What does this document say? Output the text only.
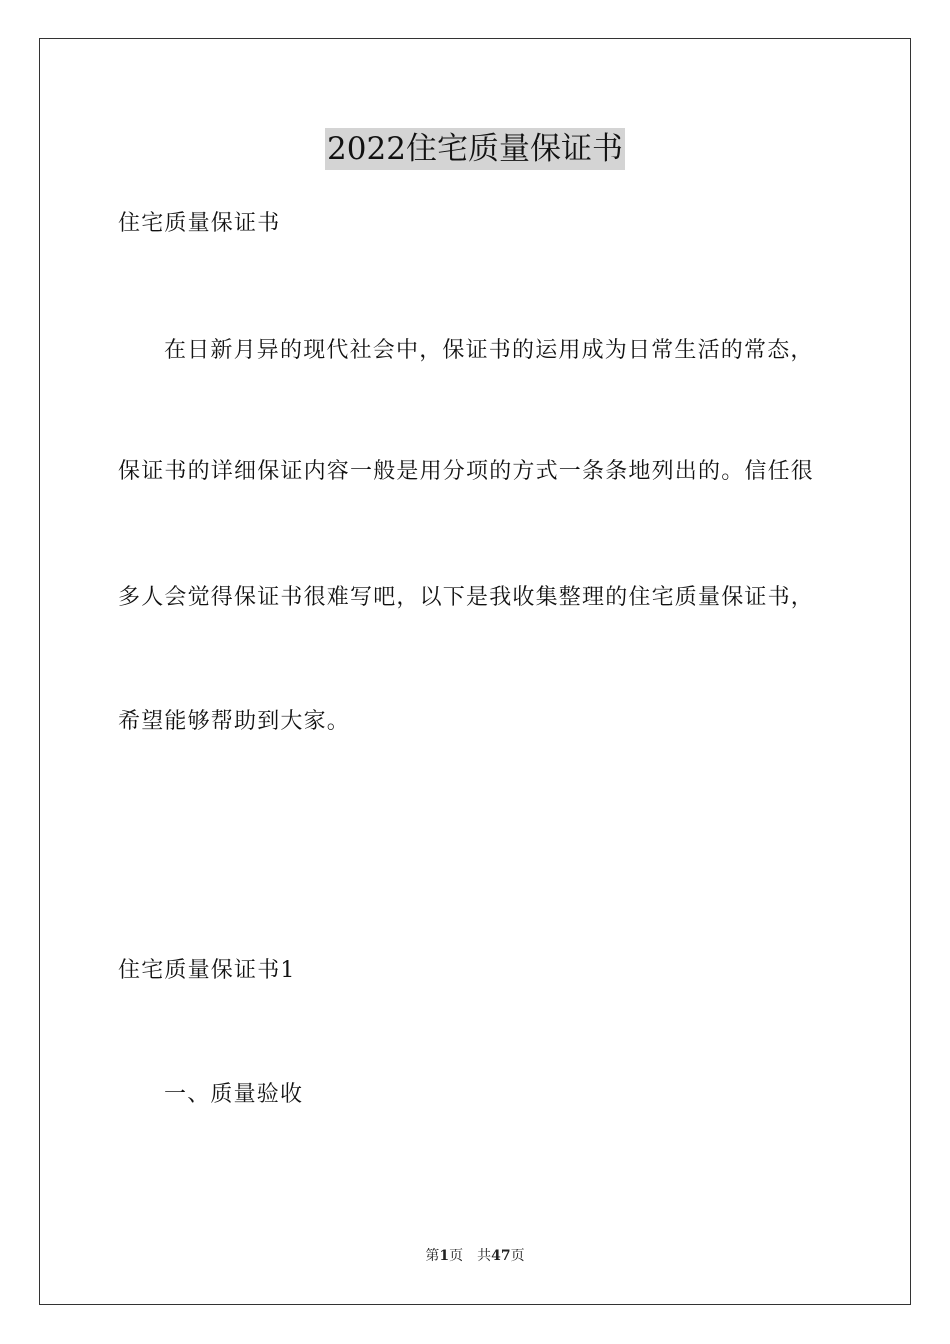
2022住宅质量保证书
住宅质量保证书
在日新月异的现代社会中，保证书的运用成为日常生活的常态，
保证书的详细保证内容一般是用分项的方式一条条地列出的。信任很
多人会觉得保证书很难写吧，以下是我收集整理的住宅质量保证书，
希望能够帮助到大家。
住宅质量保证书1
一、质量验收
第1页 共47页
